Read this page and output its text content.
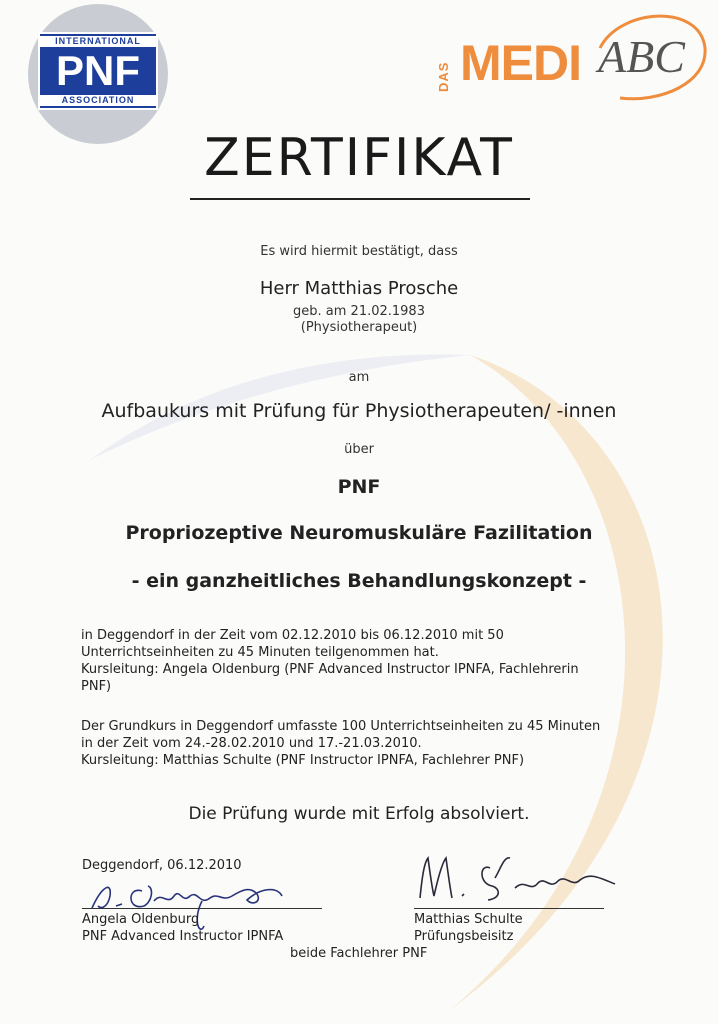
INTERNATIONAL
PNF
ASSOCIATION
DAS MEDI ABC
ZERTIFIKAT
Es wird hiermit bestätigt, dass
Herr Matthias Prosche
geb. am 21.02.1983
(Physiotherapeut)
am
Aufbaukurs mit Prüfung für Physiotherapeuten/ -innen
über
PNF
Propriozeptive Neuromuskuläre Fazilitation
- ein ganzheitliches Behandlungskonzept -
in Deggendorf in der Zeit vom 02.12.2010 bis 06.12.2010 mit 50
Unterrichtseinheiten zu 45 Minuten teilgenommen hat.
Kursleitung: Angela Oldenburg (PNF Advanced Instructor IPNFA, Fachlehrerin
PNF)
Der Grundkurs in Deggendorf umfasste 100 Unterrichtseinheiten zu 45 Minuten
in der Zeit vom 24.-28.02.2010 und 17.-21.03.2010.
Kursleitung: Matthias Schulte (PNF Instructor IPNFA, Fachlehrer PNF)
Die Prüfung wurde mit Erfolg absolviert.
Deggendorf, 06.12.2010
Angela Oldenburg
PNF Advanced Instructor IPNFA
Matthias Schulte
Prüfungsbeisitz
beide Fachlehrer PNF
